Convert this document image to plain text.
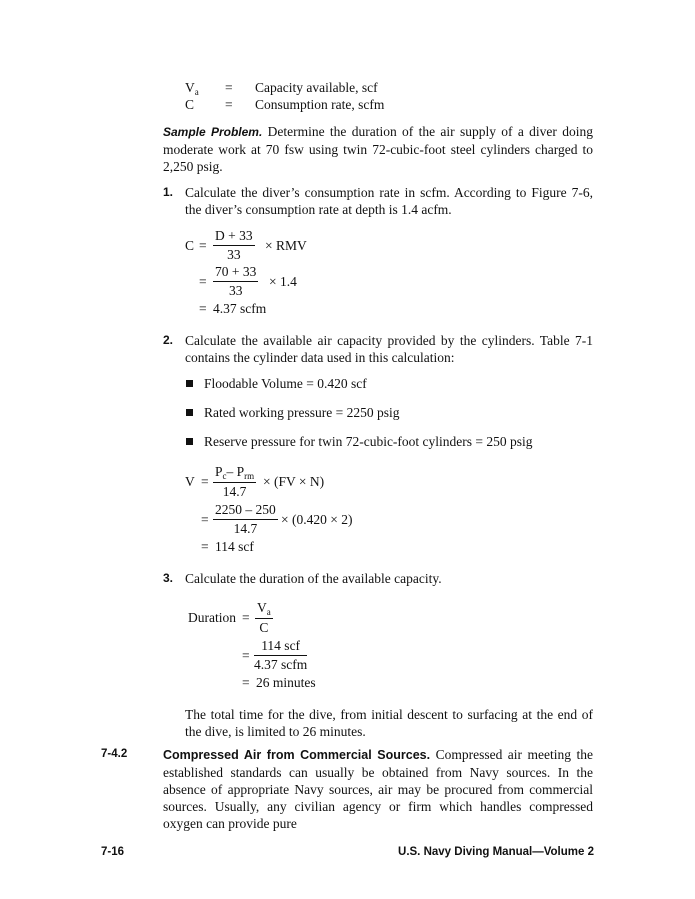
$V_a$ = Capacity available, scf
C = Consumption rate, scfm
Sample Problem. Determine the duration of the air supply of a diver doing moderate work at 70 fsw using twin 72-cubic-foot steel cylinders charged to 2,250 psig.
1. Calculate the diver’s consumption rate in scfm. According to Figure 7-6, the diver’s consumption rate at depth is 1.4 acfm.
$C = \frac{D + 33}{33}$ × RMV
= $\frac{70 + 33}{33} \times 1.4$
= 4.37 scfm
2. Calculate the available air capacity provided by the cylinders. Table 7-1 contains the cylinder data used in this calculation:
Floodable Volume = 0.420 scf
Rated working pressure = 2250 psig
Reserve pressure for twin 72-cubic-foot cylinders = 250 psig
V =
$P_c-$ $P_{rm}$
14.7
× (FV × N)
= $\frac{2250 - 250}{14.7} \times (0.420 \times 2)$
= 114 scf
3. Calculate the duration of the available capacity.
Duration = $\frac{V_a}{C}$
=
114 scf
4.37 scfm
= 26 minutes
The total time for the dive, from initial descent to surfacing at the end of the dive, is limited to 26 minutes.
7-4.2	Compressed Air from Commercial Sources. Compressed air meeting the established standards can usually be obtained from Navy sources. In the absence of appropriate Navy sources, air may be procured from commercial sources. Usually, any civilian agency or firm which handles compressed oxygen can provide pure
7-16	U.S. Navy Diving Manual—Volume 2
